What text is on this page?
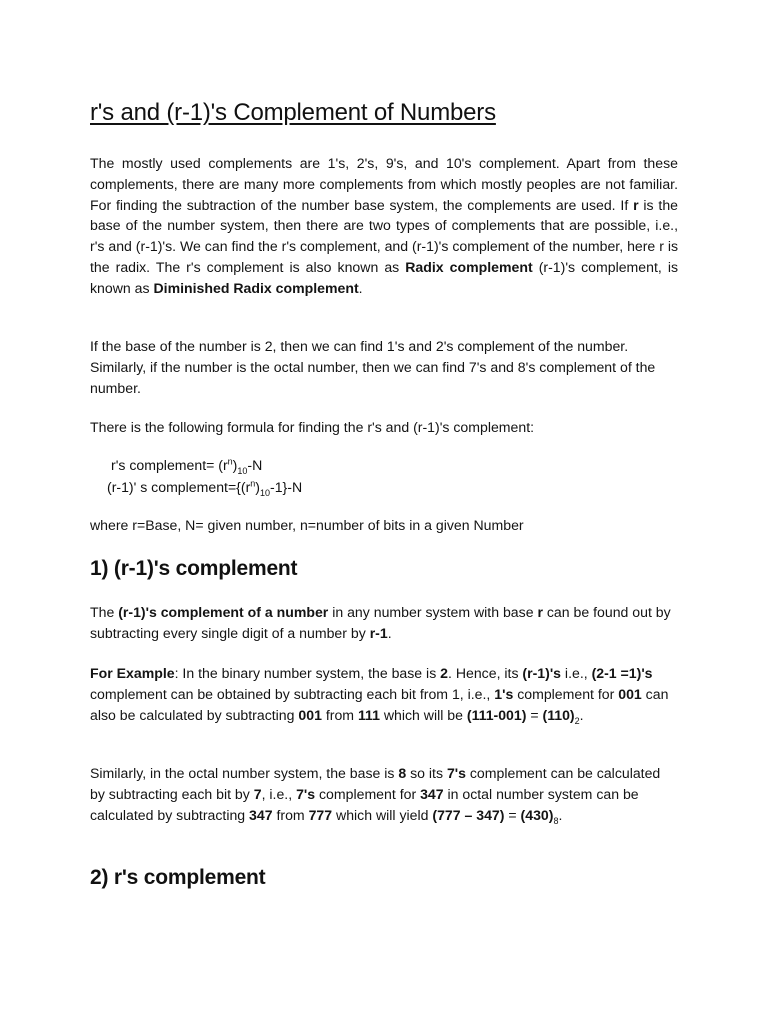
r's and (r-1)'s Complement of Numbers

The mostly used complements are 1's, 2's, 9's, and 10's complement. Apart from these complements, there are many more complements from which mostly peoples are not familiar. For finding the subtraction of the number base system, the complements are used. If r is the base of the number system, then there are two types of complements that are possible, i.e., r's and (r-1)'s. We can find the r's complement, and (r-1)'s complement of the number, here r is the radix. The r's complement is also known as Radix complement (r-1)'s complement, is known as Diminished Radix complement.

If the base of the number is 2, then we can find 1's and 2's complement of the number. Similarly, if the number is the octal number, then we can find 7's and 8's complement of the number.

There is the following formula for finding the r's and (r-1)'s complement:

r's complement= $(r^n)_{10}-N$
(r-1)' s $complement=\{(r^n)_{10}-1\}-N$

where r=Base, N= given number, n=number of bits in a given Number

1) (r-1)'s complement

The (r-1)'s complement of a number in any number system with base r can be found out by subtracting every single digit of a number by r-1.

For Example: In the binary number system, the base is 2. Hence, its (r-1)'s i.e., (2-1 =1)'s complement can be obtained by subtracting each bit from 1, i.e., 1's complement for 001 can also be calculated by subtracting 001 from 111 which will be $(111-001) = (110)_2$.

Similarly, in the octal number system, the base is 8 so its 7's complement can be calculated by subtracting each bit by 7, i.e., 7's complement for 347 in octal number system can be calculated by subtracting 347 from 777 which will yield $(777 - 347) = (430)_8$.

2) r's complement
